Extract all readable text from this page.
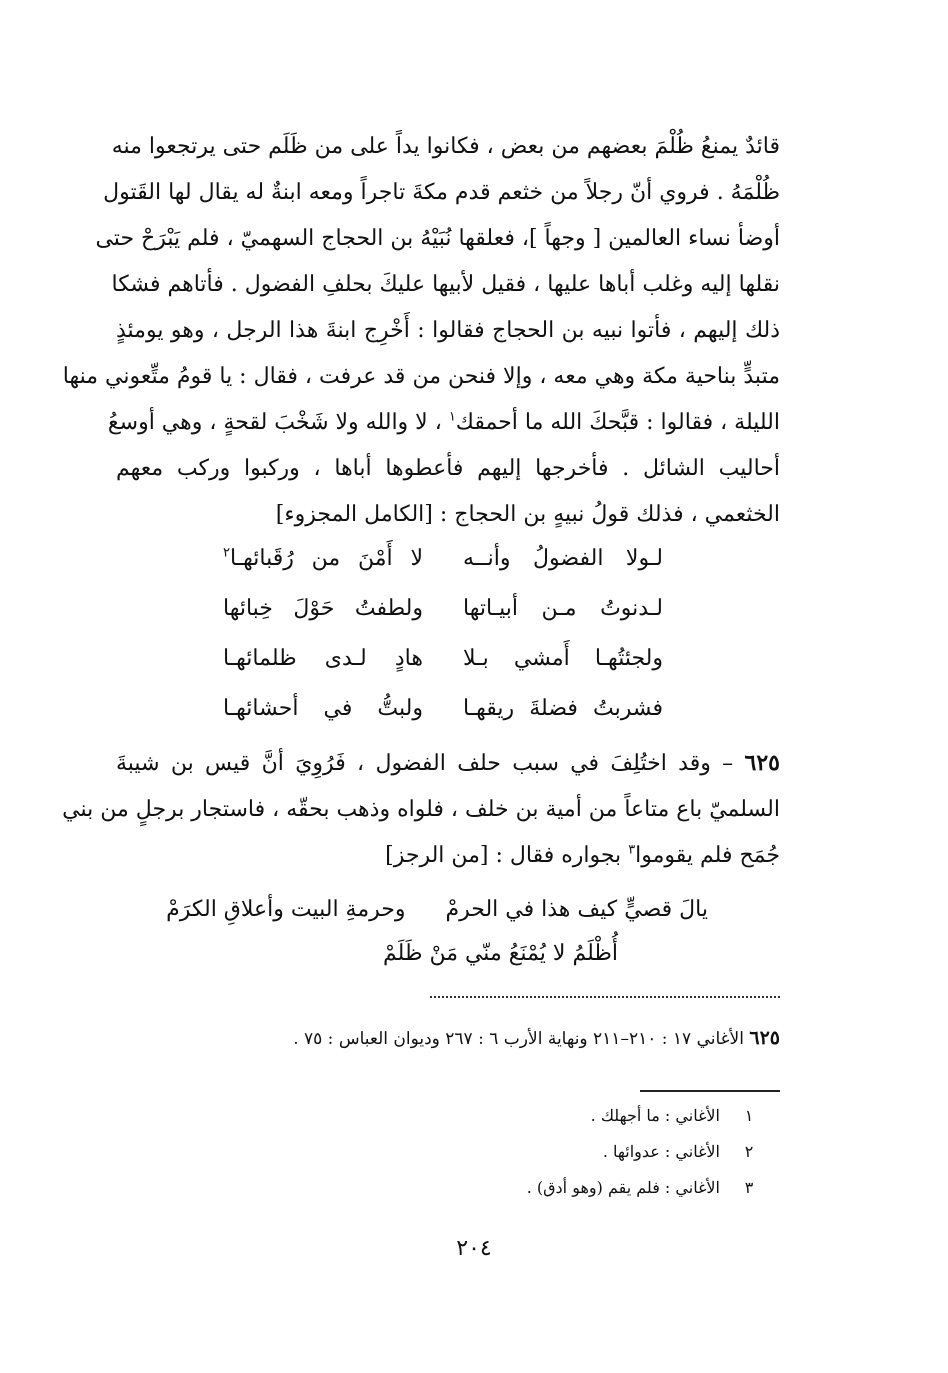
قائدٌ يمنعُ ظُلْمَ بعضهم من بعض ، فكانوا يداً على من ظَلَم حتى يرتجعوا منه
ظُلْمَهُ . فروي أنّ رجلاً من خثعم قدم مكةَ تاجراً ومعه ابنةٌ له يقال لها القَتول
أوضأ نساء العالمين [ وجهاً ]، فعلقها نُبَيْهُ بن الحجاج السهميّ ، فلم يَبْرَحْ حتى
نقلها إليه وغلب أباها عليها ، فقيل لأبيها عليكَ بحلفِ الفضول . فأتاهم فشكا
ذلك إليهم ، فأتوا نبيه بن الحجاج فقالوا : أَخْرِج ابنةَ هذا الرجل ، وهو يومئذٍ
متبدٍّ بناحية مكة وهي معه ، وإلا فنحن من قد عرفت ، فقال : يا قومُ متِّعوني منها
الليلة ، فقالوا : قبَّحكَ الله ما أحمقك$^١$ ، لا والله ولا شَخْبَ لقحةٍ ، وهي أوسعُ
أحاليب الشائل . فأخرجها إليهم فأعطوها أباها ، وركبوا وركب معهم
الخثعمي ، فذلك قولُ نبيهٍ بن الحجاج : [الكامل المجزوء]
لـولا الفضولُ وأنــه
لا أَمْنَ من رُقَبائهـا$^٢$
لـدنوتُ مـن أبيـاتها
ولطفتُ حَوْلَ خِبائها
ولجئتُهـا أَمشي بـلا
هادٍ لـدى ظلمائهـا
فشربتُ فضلةَ ريقهـا
ولبتُّ في أحشائهـا
٦٢٥ – وقد اختُلِفَ في سبب حلف الفضول ، فَرُوِيَ أنَّ قيس بن شيبةَ
السلميّ باع متاعاً من أمية بن خلف ، فلواه وذهب بحقّه ، فاستجار برجلٍ من بني
جُمَح فلم يقوموا$^٣$ بجواره فقال : [من الرجز]
يالَ قصيٍّ كيف هذا في الحرمْ
وحرمةِ البيت وأعلاقِ الكرَمْ
أُظْلَمُ لا يُمْنَعُ منّي مَنْ ظَلَمْ
٦٢٥ الأغاني ١٧ : ٢١٠–٢١١ ونهاية الأرب ٦ : ٢٦٧ وديوان العباس : ٧٥ .
١
الأغاني : ما أجهلك .
٢
الأغاني : عدوائها .
٣
الأغاني : فلم يقم (وهو أدق) .
٢٠٤
